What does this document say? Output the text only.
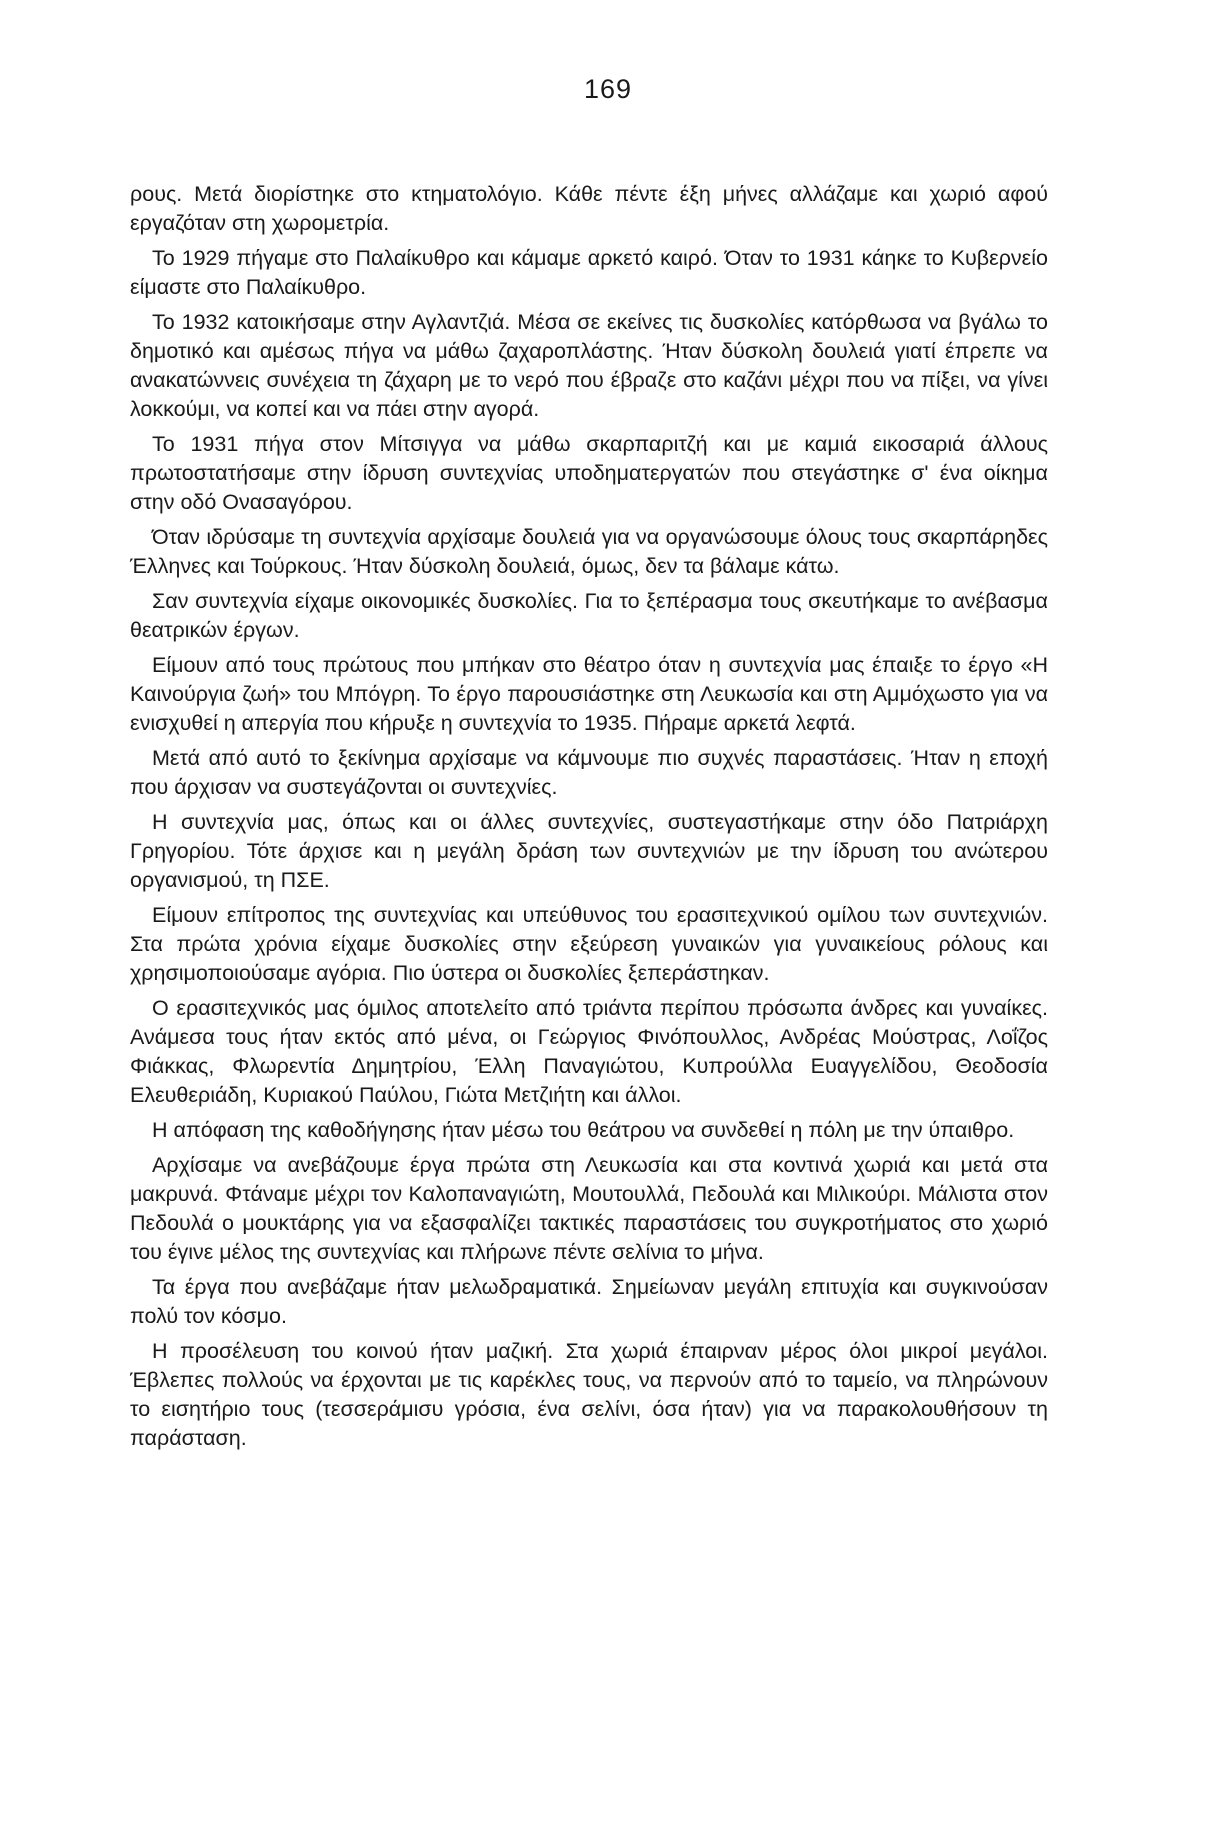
169

ρους. Μετά διορίστηκε στο κτηματολόγιο. Κάθε πέντε έξη μήνες αλλάζαμε και χωριό αφού εργαζόταν στη χωρομετρία.

Το 1929 πήγαμε στο Παλαίκυθρο και κάμαμε αρκετό καιρό. Όταν το 1931 κάηκε το Κυβερνείο είμαστε στο Παλαίκυθρο.

Το 1932 κατοικήσαμε στην Αγλαντζιά. Μέσα σε εκείνες τις δυσκολίες κατόρθωσα να βγάλω το δημοτικό και αμέσως πήγα να μάθω ζαχαροπλάστης. Ήταν δύσκολη δουλειά γιατί έπρεπε να ανακατώννεις συνέχεια τη ζάχαρη με το νερό που έβραζε στο καζάνι μέχρι που να πίξει, να γίνει λοκκούμι, να κοπεί και να πάει στην αγορά.

Το 1931 πήγα στον Μίτσιγγα να μάθω σκαρπαριτζή και με καμιά εικοσαριά άλλους πρωτοστατήσαμε στην ίδρυση συντεχνίας υποδηματεργατών που στεγάστηκε σ' ένα οίκημα στην οδό Ονασαγόρου.

Όταν ιδρύσαμε τη συντεχνία αρχίσαμε δουλειά για να οργανώσουμε όλους τους σκαρπάρηδες Έλληνες και Τούρκους. Ήταν δύσκολη δουλειά, όμως, δεν τα βάλαμε κάτω.

Σαν συντεχνία είχαμε οικονομικές δυσκολίες. Για το ξεπέρασμα τους σκευτήκαμε το ανέβασμα θεατρικών έργων.

Είμουν από τους πρώτους που μπήκαν στο θέατρο όταν η συντεχνία μας έπαιξε το έργο «Η Καινούργια ζωή» του Μπόγρη. Το έργο παρουσιάστηκε στη Λευκωσία και στη Αμμόχωστο για να ενισχυθεί η απεργία που κήρυξε η συντεχνία το 1935. Πήραμε αρκετά λεφτά.

Μετά από αυτό το ξεκίνημα αρχίσαμε να κάμνουμε πιο συχνές παραστάσεις. Ήταν η εποχή που άρχισαν να συστεγάζονται οι συντεχνίες.

Η συντεχνία μας, όπως και οι άλλες συντεχνίες, συστεγαστήκαμε στην όδο Πατριάρχη Γρηγορίου. Τότε άρχισε και η μεγάλη δράση των συντεχνιών με την ίδρυση του ανώτερου οργανισμού, τη ΠΣΕ.

Είμουν επίτροπος της συντεχνίας και υπεύθυνος του ερασιτεχνικού ομίλου των συντεχνιών. Στα πρώτα χρόνια είχαμε δυσκολίες στην εξεύρεση γυναικών για γυναικείους ρόλους και χρησιμοποιούσαμε αγόρια. Πιο ύστερα οι δυσκολίες ξεπεράστηκαν.

Ο ερασιτεχνικός μας όμιλος αποτελείτο από τριάντα περίπου πρόσωπα άνδρες και γυναίκες. Ανάμεσα τους ήταν εκτός από μένα, οι Γεώργιος Φινόπουλλος, Ανδρέας Μούστρας, Λοΐζος Φιάκκας, Φλωρεντία Δημητρίου, Έλλη Παναγιώτου, Κυπρούλλα Ευαγγελίδου, Θεοδοσία Ελευθεριάδη, Κυριακού Παύλου, Γιώτα Μετζιήτη και άλλοι.

Η απόφαση της καθοδήγησης ήταν μέσω του θεάτρου να συνδεθεί η πόλη με την ύπαιθρο.

Αρχίσαμε να ανεβάζουμε έργα πρώτα στη Λευκωσία και στα κοντινά χωριά και μετά στα μακρυνά. Φτάναμε μέχρι τον Καλοπαναγιώτη, Μουτουλλά, Πεδουλά και Μιλικούρι. Μάλιστα στον Πεδουλά ο μουκτάρης για να εξασφαλίζει τακτικές παραστάσεις του συγκροτήματος στο χωριό του έγινε μέλος της συντεχνίας και πλήρωνε πέντε σελίνια το μήνα.

Τα έργα που ανεβάζαμε ήταν μελωδραματικά. Σημείωναν μεγάλη επιτυχία και συγκινούσαν πολύ τον κόσμο.

Η προσέλευση του κοινού ήταν μαζική. Στα χωριά έπαιρναν μέρος όλοι μικροί μεγάλοι. Έβλεπες πολλούς να έρχονται με τις καρέκλες τους, να περνούν από το ταμείο, να πληρώνουν το εισητήριο τους (τεσσεράμισυ γρόσια, ένα σελίνι, όσα ήταν) για να παρακολουθήσουν τη παράσταση.
